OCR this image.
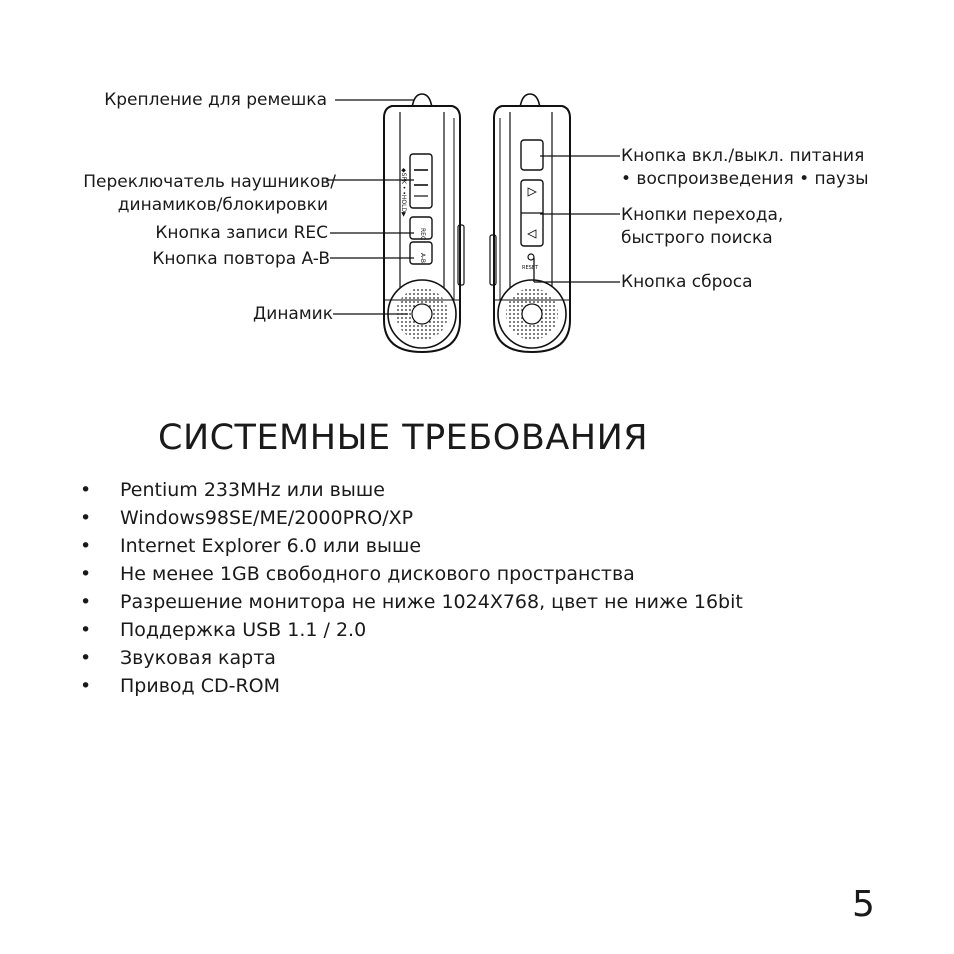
◆SPK • •HOLD▶
REC
A-B
RESET
Крепление для ремешка
Переключатель наушников/
динамиков/блокировки
Кнопка записи REC
Кнопка повтора A-B
Динамик
Кнопка вкл./выкл. питания
• воспроизведения • паузы
Кнопки перехода,
быстрого поиска
Кнопка сброса
СИСТЕМНЫЕ ТРЕБОВАНИЯ
•	Pentium 233MHz или выше
•	Windows98SE/ME/2000PRO/XP
•	Internet Explorer 6.0 или выше
•	Не менее 1GB свободного дискового пространства
•	Разрешение монитора не ниже 1024X768, цвет не ниже 16bit
•	Поддержка USB 1.1 / 2.0
•	Звуковая карта
•	Привод CD-ROM
5
